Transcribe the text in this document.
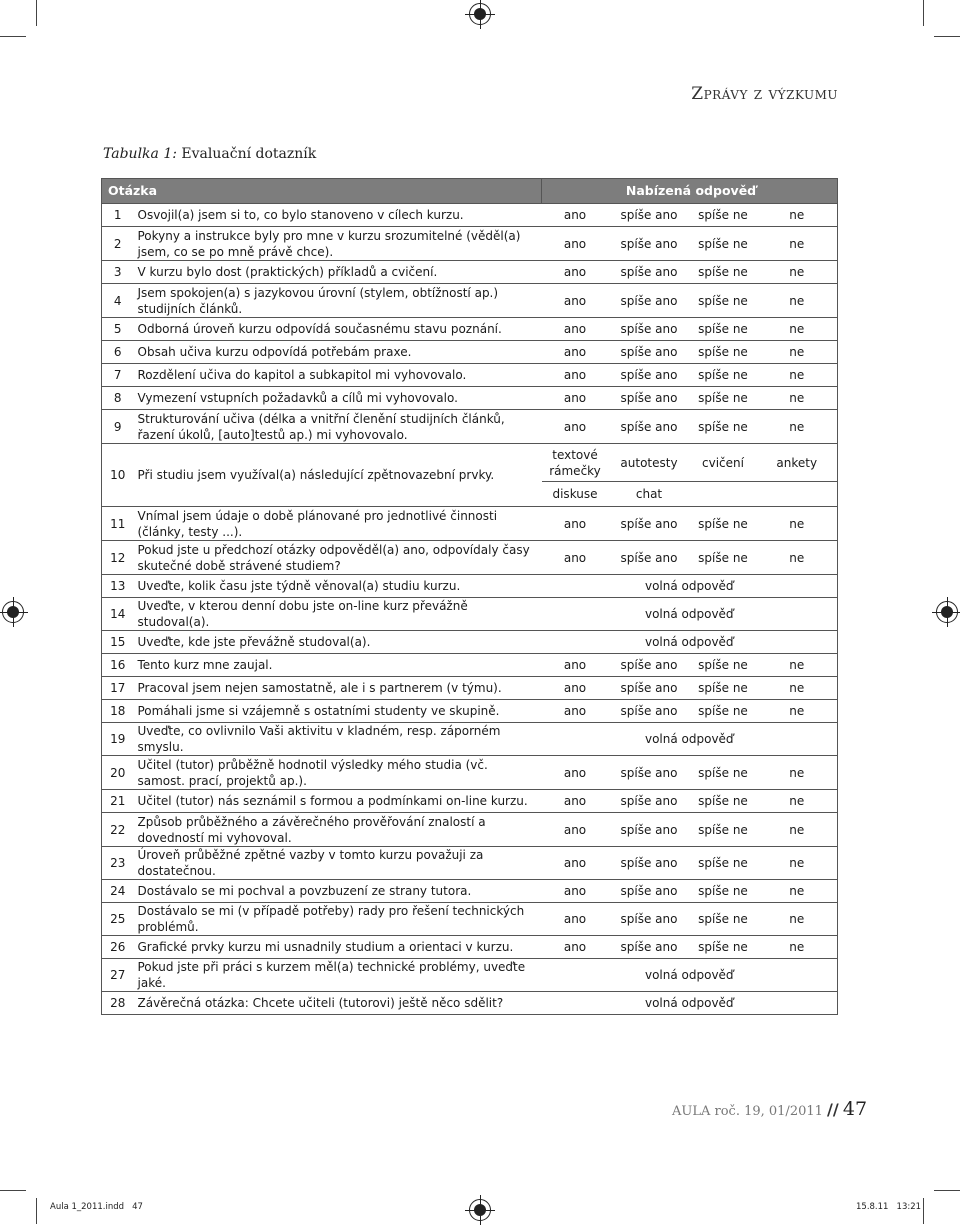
Zprávy z výzkumu
Tabulka 1: Evaluační dotazník
Otázka		Nabízená odpověď			
1	Osvojil(a) jsem si to, co bylo stanoveno v cílech kurzu.	ano	spíše ano	spíše ne	ne
2	Pokyny a instrukce byly pro mne v kurzu srozumitelné (věděl(a) jsem, co se po mně právě chce).	ano	spíše ano	spíše ne	ne
3	V kurzu bylo dost (praktických) příkladů a cvičení.	ano	spíše ano	spíše ne	ne
4	Jsem spokojen(a) s jazykovou úrovní (stylem, obtížností ap.) studijních článků.	ano	spíše ano	spíše ne	ne
5	Odborná úroveň kurzu odpovídá současnému stavu poznání.	ano	spíše ano	spíše ne	ne
6	Obsah učiva kurzu odpovídá potřebám praxe.	ano	spíše ano	spíše ne	ne
7	Rozdělení učiva do kapitol a subkapitol mi vyhovovalo.	ano	spíše ano	spíše ne	ne
8	Vymezení vstupních požadavků a cílů mi vyhovovalo.	ano	spíše ano	spíše ne	ne
9	Strukturování učiva (délka a vnitřní členění studijních článků, řazení úkolů, [auto]testů ap.) mi vyhovovalo.	ano	spíše ano	spíše ne	ne
10	Při studiu jsem využíval(a) následující zpětnovazební prvky.	textové rámečky	autotesty	cvičení	ankety
		diskuse	chat		
11	Vnímal jsem údaje o době plánované pro jednotlivé činnosti (články, testy ...).	ano	spíše ano	spíše ne	ne
12	Pokud jste u předchozí otázky odpověděl(a) ano, odpovídaly časy skutečné době strávené studiem?	ano	spíše ano	spíše ne	ne
13	Uveďte, kolik času jste týdně věnoval(a) studiu kurzu.	volná odpověď			
14	Uveďte, v kterou denní dobu jste on-line kurz převážně studoval(a).	volná odpověď			
15	Uveďte, kde jste převážně studoval(a).	volná odpověď			
16	Tento kurz mne zaujal.	ano	spíše ano	spíše ne	ne
17	Pracoval jsem nejen samostatně, ale i s partnerem (v týmu).	ano	spíše ano	spíše ne	ne
18	Pomáhali jsme si vzájemně s ostatními studenty ve skupině.	ano	spíše ano	spíše ne	ne
19	Uveďte, co ovlivnilo Vaši aktivitu v kladném, resp. záporném smyslu.	volná odpověď			
20	Učitel (tutor) průběžně hodnotil výsledky mého studia (vč. samost. prací, projektů ap.).	ano	spíše ano	spíše ne	ne
21	Učitel (tutor) nás seznámil s formou a podmínkami on-line kurzu.	ano	spíše ano	spíše ne	ne
22	Způsob průběžného a závěrečného prověřování znalostí a dovedností mi vyhovoval.	ano	spíše ano	spíše ne	ne
23	Úroveň průběžné zpětné vazby v tomto kurzu považuji za dostatečnou.	ano	spíše ano	spíše ne	ne
24	Dostávalo se mi pochval a povzbuzení ze strany tutora.	ano	spíše ano	spíše ne	ne
25	Dostávalo se mi (v případě potřeby) rady pro řešení technických problémů.	ano	spíše ano	spíše ne	ne
26	Grafické prvky kurzu mi usnadnily studium a orientaci v kurzu.	ano	spíše ano	spíše ne	ne
27	Pokud jste při práci s kurzem měl(a) technické problémy, uveďte jaké.	volná odpověď			
28	Závěrečná otázka: Chcete učiteli (tutorovi) ještě něco sdělit?	volná odpověď			
AULA roč. 19, 01/2011 // 47
Aula 1_2011.indd   47	15.8.11   13:21
